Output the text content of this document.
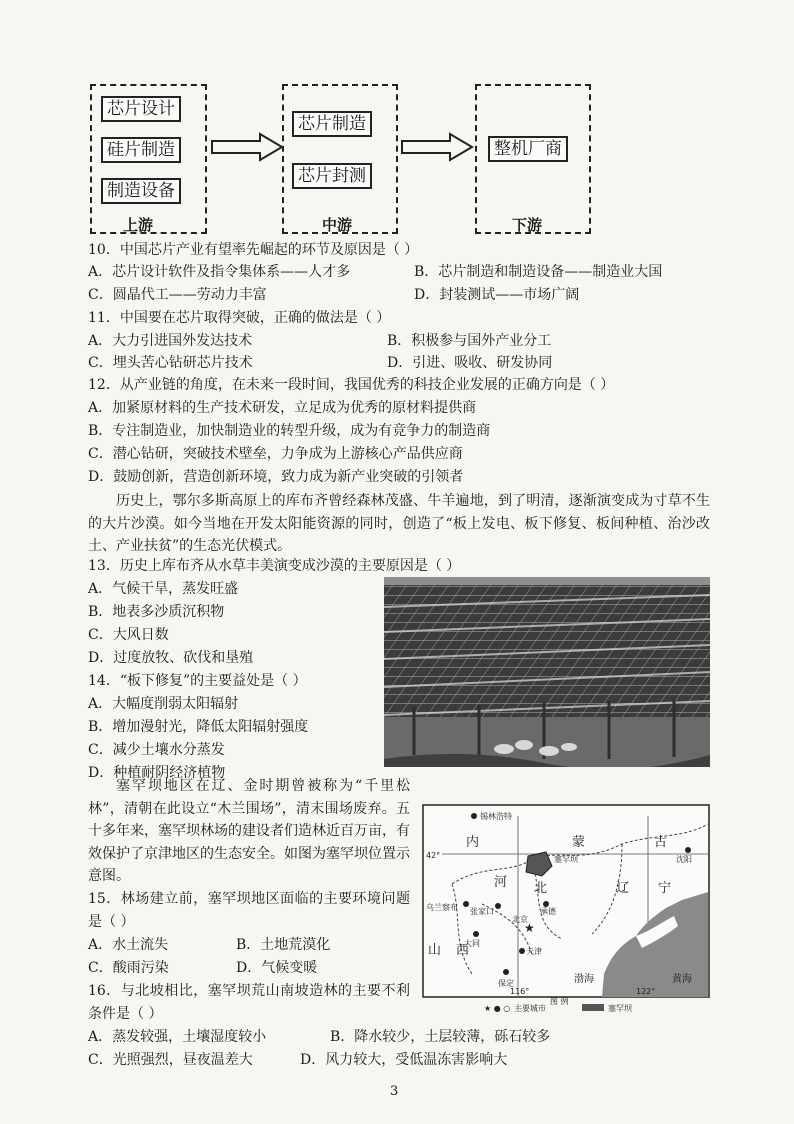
芯片设计
硅片制造
制造设备
上游
芯片制造
芯片封测
中游
整机厂商
下游
10．中国芯片产业有望率先崛起的环节及原因是（ ）
A．芯片设计软件及指令集体系——人才多	B．芯片制造和制造设备——制造业大国
C．圆晶代工——劳动力丰富	D．封装测试——市场广阔
11．中国要在芯片取得突破，正确的做法是（ ）
A．大力引进国外发达技术	B．积极参与国外产业分工
C．埋头苦心钻研芯片技术	D．引进、吸收、研发协同
12．从产业链的角度，在未来一段时间，我国优秀的科技企业发展的正确方向是（ ）
A．加紧原材料的生产技术研发，立足成为优秀的原材料提供商
B．专注制造业，加快制造业的转型升级，成为有竞争力的制造商
C．潜心钻研，突破技术壁垒，力争成为上游核心产品供应商
D．鼓励创新，营造创新环境，致力成为新产业突破的引领者
历史上，鄂尔多斯高原上的库布齐曾经森林茂盛、牛羊遍地，到了明清，逐渐演变成为寸草不生的大片沙漠。如今当地在开发太阳能资源的同时，创造了“板上发电、板下修复、板间种植、治沙改土、产业扶贫”的生态光伏模式。
13．历史上库布齐从水草丰美演变成沙漠的主要原因是（ ）
A．气候干旱，蒸发旺盛
B．地表多沙质沉积物
C．大风日数
D．过度放牧、砍伐和垦殖
14．“板下修复”的主要益处是（ ）
A．大幅度削弱太阳辐射
B．增加漫射光，降低太阳辐射强度
C．减少土壤水分蒸发
D．种植耐阴经济植物
塞罕坝地区在辽、金时期曾被称为“千里松林”，清朝在此设立“木兰围场”，清末围场废弃。五十多年来，塞罕坝林场的建设者们造林近百万亩，有效保护了京津地区的生态安全。如图为塞罕坝位置示意图。
15．林场建立前，塞罕坝地区面临的主要环境问题是（ ）
A．水土流失	B．土地荒漠化
C．酸雨污染	D．气候变暖
16．与北坡相比，塞罕坝荒山南坡造林的主要不利条件是（ ）
A．蒸发较强，土壤湿度较小	B．降水较少，土层较薄，砾石较多
C．光照强烈，昼夜温差大	D．风力较大，受低温冻害影响大
★
锡林浩特
内	蒙	古
塞罕坝	沈阳
42°
河 北	辽 宁
乌兰察布 张家口	承德
大同
北京
天津
山 西
保定
116°	122°
渤海	黄海
图 例
★ ● ○ 主要城市	塞罕坝
3
